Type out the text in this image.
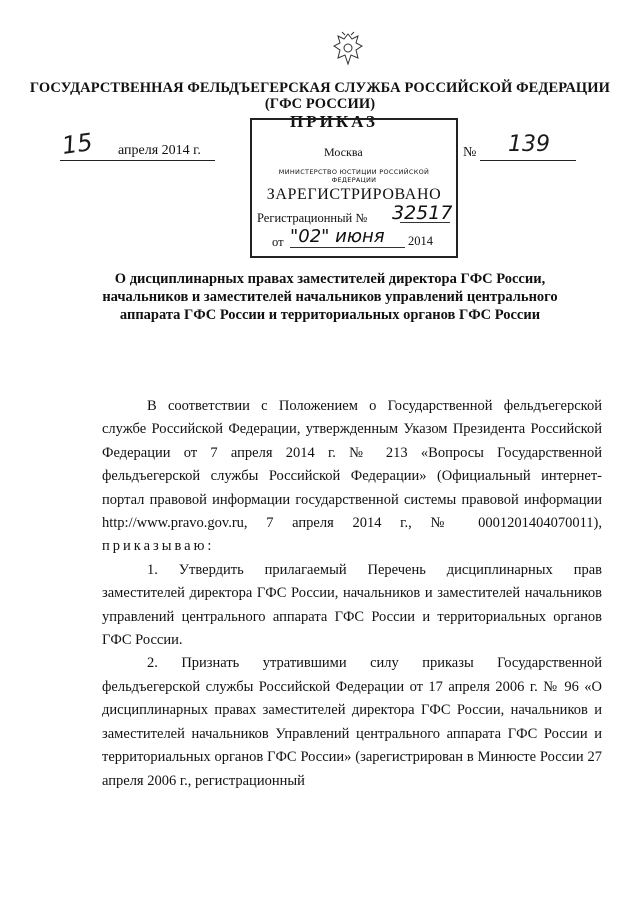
ГОСУДАРСТВЕННАЯ ФЕЛЬДЪЕГЕРСКАЯ СЛУЖБА РОССИЙСКОЙ ФЕДЕРАЦИИ
(ГФС РОССИИ)
15 апреля 2014 г.
ПРИКАЗ
Москва	№ 139
МИНИСТЕРСТВО ЮСТИЦИИ РОССИЙСКОЙ ФЕДЕРАЦИИ
ЗАРЕГИСТРИРОВАНО
Регистрационный № 32517
от "02" июня 2014
О дисциплинарных правах заместителей директора ГФС России,
начальников и заместителей начальников управлений центрального
аппарата ГФС России и территориальных органов ГФС России

В соответствии с Положением о Государственной фельдъегерской службе Российской Федерации, утвержденным Указом Президента Российской Федерации от 7 апреля 2014 г. № 213 «Вопросы Государственной фельдъегерской службы Российской Федерации» (Официальный интернет-портал правовой информации государственной системы правовой информации http://www.pravo.gov.ru, 7 апреля 2014 г., № 0001201404070011), приказываю:

1. Утвердить прилагаемый Перечень дисциплинарных прав заместителей директора ГФС России, начальников и заместителей начальников управлений центрального аппарата ГФС России и территориальных органов ГФС России.

2. Признать утратившими силу приказы Государственной фельдъегерской службы Российской Федерации от 17 апреля 2006 г. № 96 «О дисциплинарных правах заместителей директора ГФС России, начальников и заместителей начальников Управлений центрального аппарата ГФС России и территориальных органов ГФС России» (зарегистрирован в Минюсте России 27 апреля 2006 г., регистрационный
